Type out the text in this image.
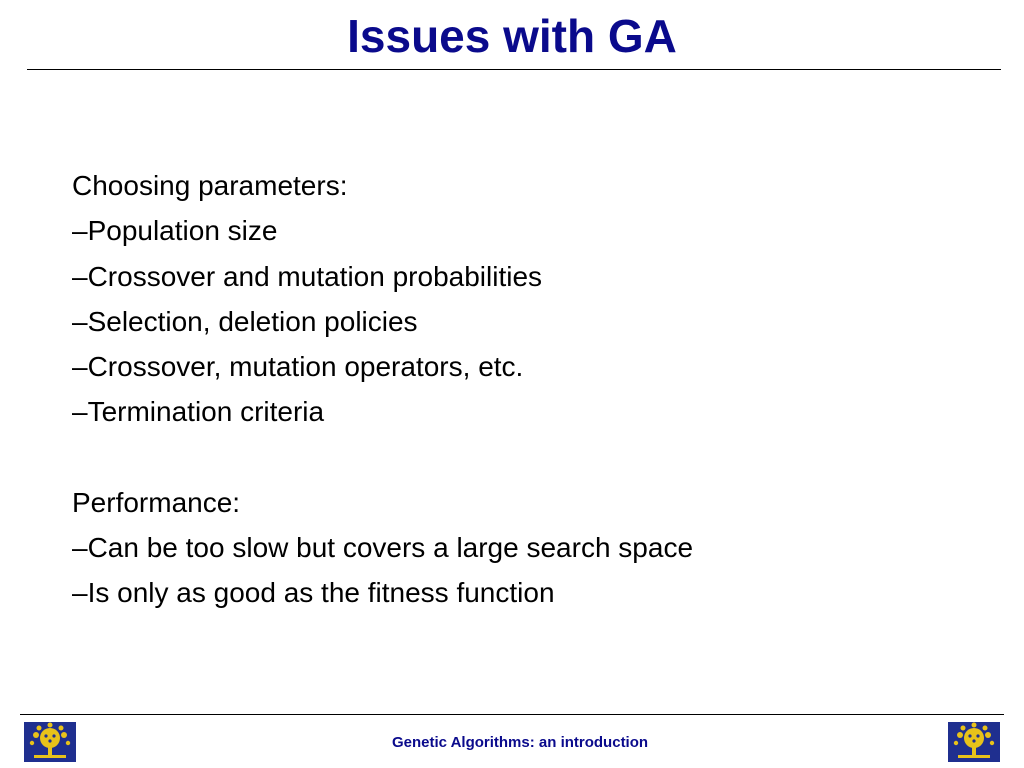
Issues with GA
Choosing parameters:
–Population size
–Crossover and mutation probabilities
–Selection, deletion policies
–Crossover, mutation operators, etc.
–Termination criteria
Performance:
–Can be too slow but covers a large search space
–Is only as good as the fitness function
Genetic Algorithms: an introduction
